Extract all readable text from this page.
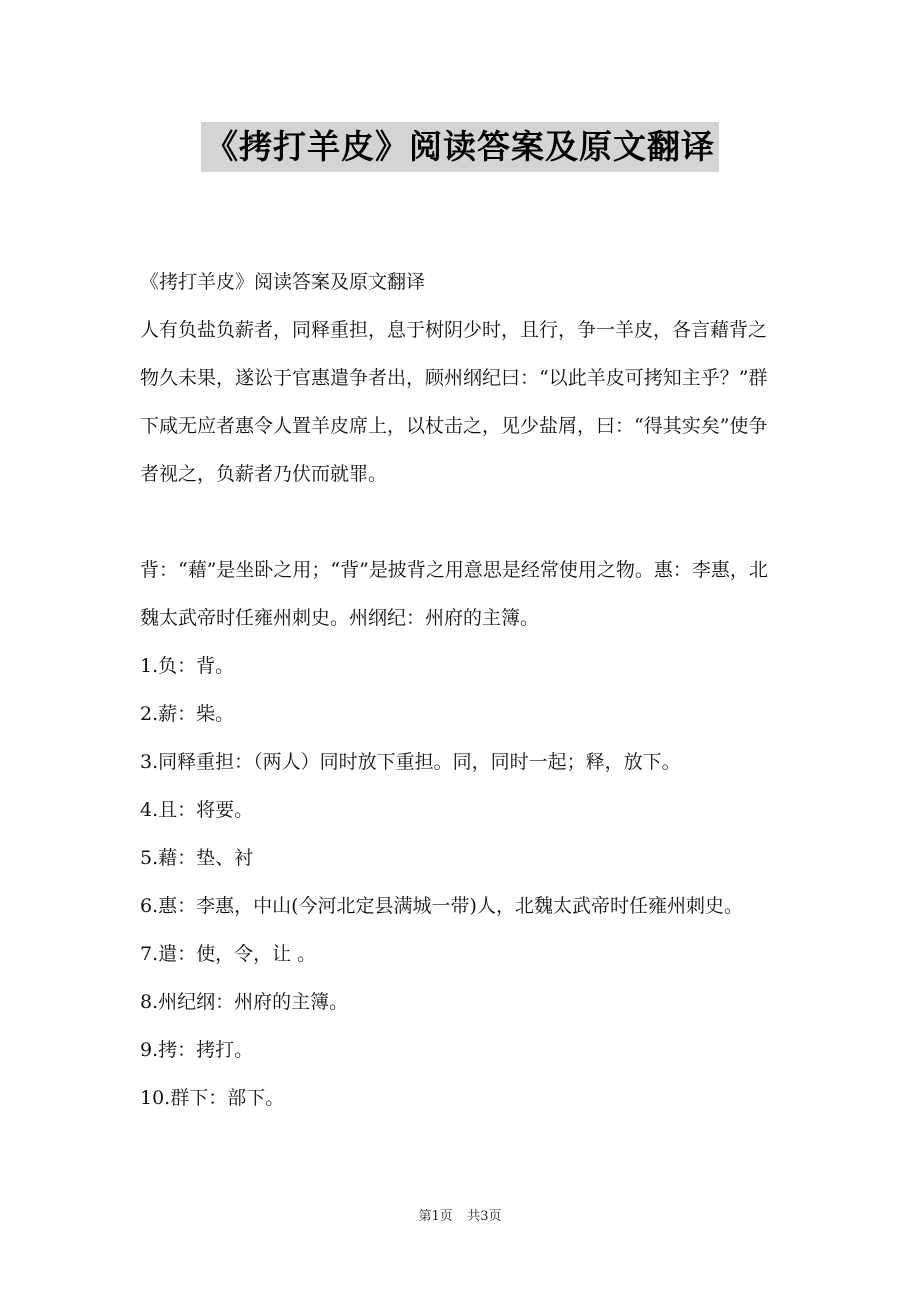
《拷打羊皮》阅读答案及原文翻译

《拷打羊皮》阅读答案及原文翻译

人有负盐负薪者，同释重担，息于树阴少时，且行，争一羊皮，各言藉背之物久未果，遂讼于官惠遣争者出，顾州纲纪曰：“以此羊皮可拷知主乎？”群下咸无应者惠令人置羊皮席上，以杖击之，见少盐屑，曰：“得其实矣”使争者视之，负薪者乃伏而就罪。

背：“藉”是坐卧之用；“背”是披背之用意思是经常使用之物。惠：李惠，北魏太武帝时任雍州刺史。州纲纪：州府的主簿。

1.负：背。

2.薪：柴。

3.同释重担：（两人）同时放下重担。同，同时一起；释，放下。

4.且：将要。

5.藉：垫、衬

6.惠：李惠，中山(今河北定县满城一带)人，北魏太武帝时任雍州刺史。

7.遣：使，令，让 。

8.州纪纲：州府的主簿。

9.拷：拷打。

10.群下：部下。

第1页 共3页
